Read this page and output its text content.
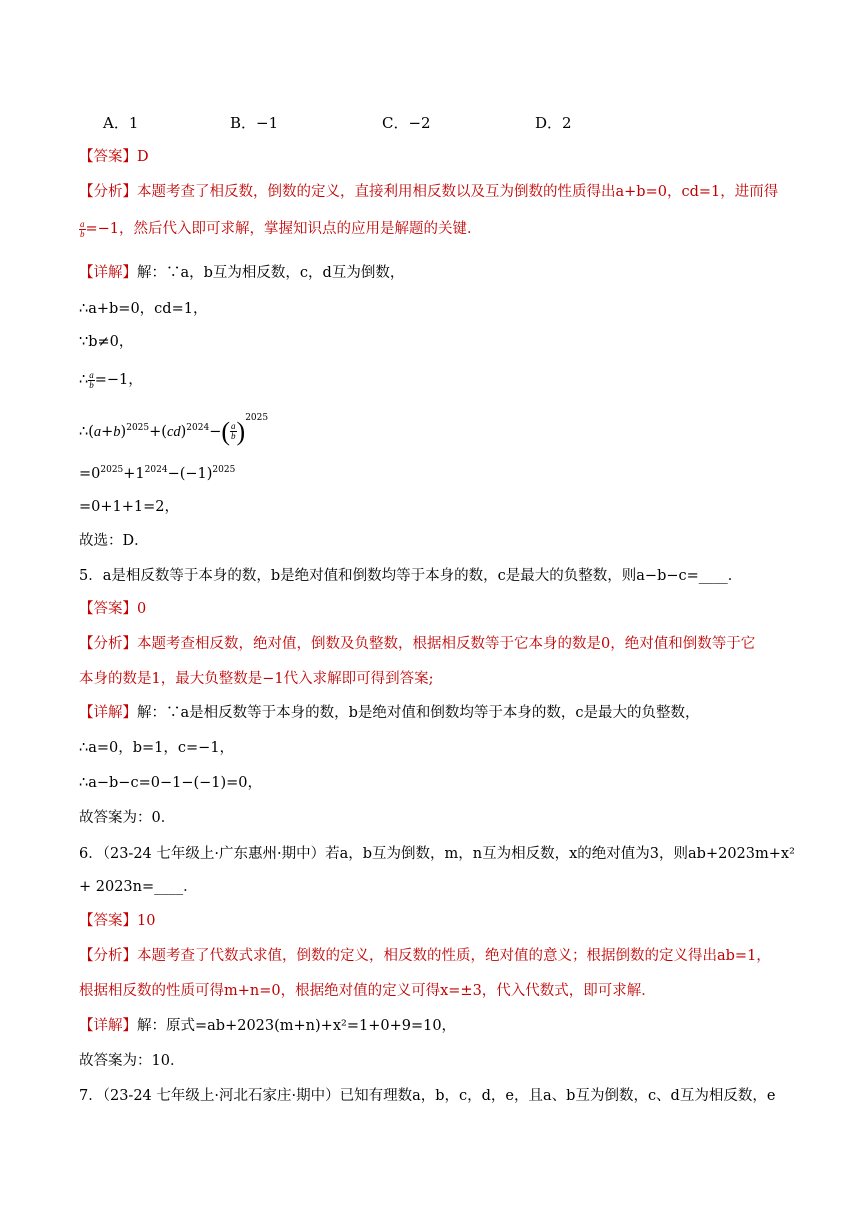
A．1	B．−1	C．−2	D．2
【答案】D
【分析】本题考查了相反数，倒数的定义，直接利用相反数以及互为倒数的性质得出a+b=0，cd=1，进而得
$\frac{a}{b} =-1$，然后代入即可求解，掌握知识点的应用是解题的关键．
【详解】解：∵a，b互为相反数，c，d互为倒数，
∴a+b=0，cd=1，
∵b≠0，
∴ $\frac{a}{b} =-1$，
$\therefore(a+b)^{2025}+(cd)^{2024}-( \frac{a}{b} )^{2025}$
$=0^{2025}+1^{2024}-(-1)^{2025}$
=0+1+1=2，
故选：D．
5．a是相反数等于本身的数，b是绝对值和倒数均等于本身的数，c是最大的负整数，则a−b−c=____．
【答案】0
【分析】本题考查相反数，绝对值，倒数及负整数，根据相反数等于它本身的数是0，绝对值和倒数等于它
本身的数是1，最大负整数是−1代入求解即可得到答案;
【详解】解：∵a是相反数等于本身的数，b是绝对值和倒数均等于本身的数，c是最大的负整数，
∴a=0，b=1，c=−1，
∴a−b−c=0−1−(−1)=0，
故答案为：0．
6．（23-24 七年级上·广东惠州·期中）若a，b互为倒数，m，n互为相反数，x的绝对值为3，则ab+2023m+x²
+ 2023n=____．
【答案】10
【分析】本题考查了代数式求值，倒数的定义，相反数的性质，绝对值的意义；根据倒数的定义得出ab=1，
根据相反数的性质可得m+n=0，根据绝对值的定义可得x=±3，代入代数式，即可求解．
【详解】解：原式=ab+2023(m+n)+x²=1+0+9=10，
故答案为：10．
7．（23-24 七年级上·河北石家庄·期中）已知有理数a，b，c，d，e，且a、b互为倒数，c、d互为相反数，e
